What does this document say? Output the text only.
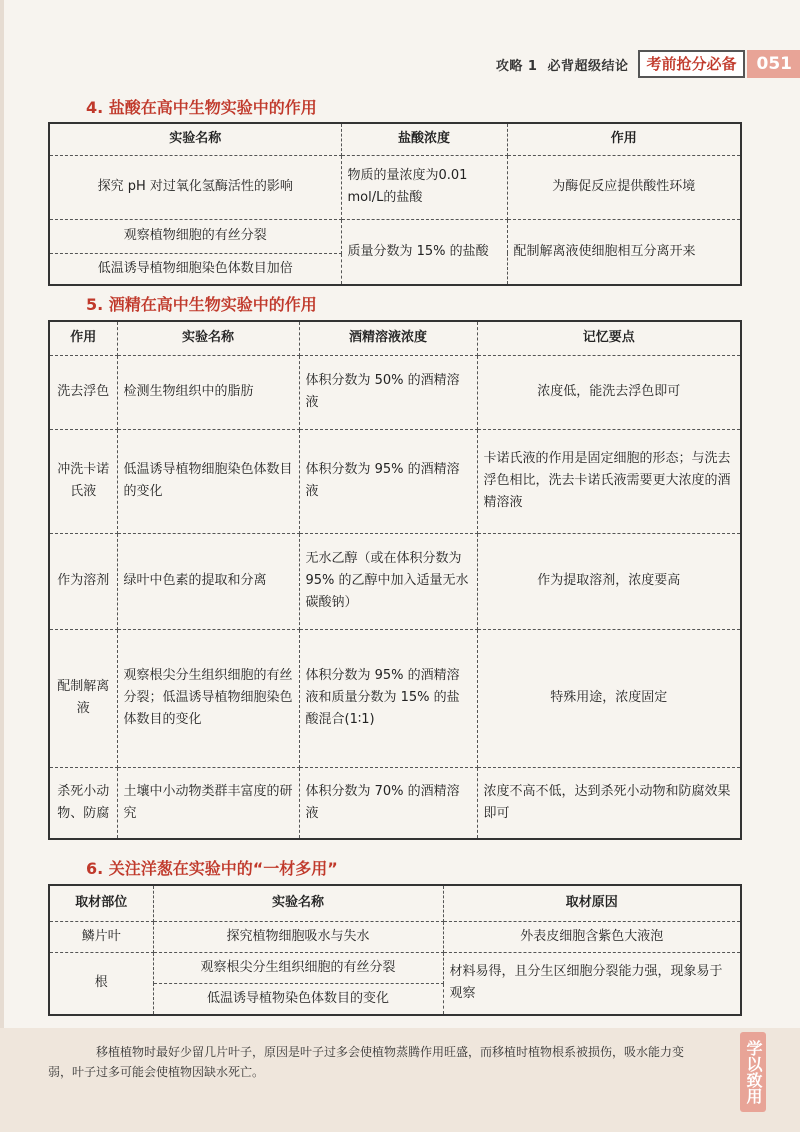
攻略 1 必背超级结论	考前抢分必备	051
4. 盐酸在高中生物实验中的作用
实验名称	盐酸浓度	作用
探究 pH 对过氧化氢酶活性的影响	物质的量浓度为0.01 mol/L的盐酸	为酶促反应提供酸性环境
观察植物细胞的有丝分裂	质量分数为 15% 的盐酸	配制解离液使细胞相互分离开来
低温诱导植物细胞染色体数目加倍		
5. 酒精在高中生物实验中的作用
作用	实验名称	酒精溶液浓度	记忆要点
洗去浮色	检测生物组织中的脂肪	体积分数为 50% 的酒精溶液	浓度低，能洗去浮色即可
冲洗卡诺氏液	低温诱导植物细胞染色体数目的变化	体积分数为 95% 的酒精溶液	卡诺氏液的作用是固定细胞的形态；与洗去浮色相比，洗去卡诺氏液需要更大浓度的酒精溶液
作为溶剂	绿叶中色素的提取和分离	无水乙醇（或在体积分数为 95% 的乙醇中加入适量无水碳酸钠）	作为提取溶剂，浓度要高
配制解离液	观察根尖分生组织细胞的有丝分裂；低温诱导植物细胞染色体数目的变化	体积分数为 95% 的酒精溶液和质量分数为 15% 的盐酸混合(1∶1)	特殊用途，浓度固定
杀死小动物、防腐	土壤中小动物类群丰富度的研究	体积分数为 70% 的酒精溶液	浓度不高不低，达到杀死小动物和防腐效果即可
6. 关注洋葱在实验中的“一材多用”
取材部位	实验名称	取材原因
鳞片叶	探究植物细胞吸水与失水	外表皮细胞含紫色大液泡
根	观察根尖分生组织细胞的有丝分裂	材料易得，且分生区细胞分裂能力强，现象易于观察
	低温诱导植物染色体数目的变化	
移植植物时最好少留几片叶子，原因是叶子过多会使植物蒸腾作用旺盛，而移植时植物根系被损伤，吸水能力变弱，叶子过多可能会使植物因缺水死亡。	学以致用
